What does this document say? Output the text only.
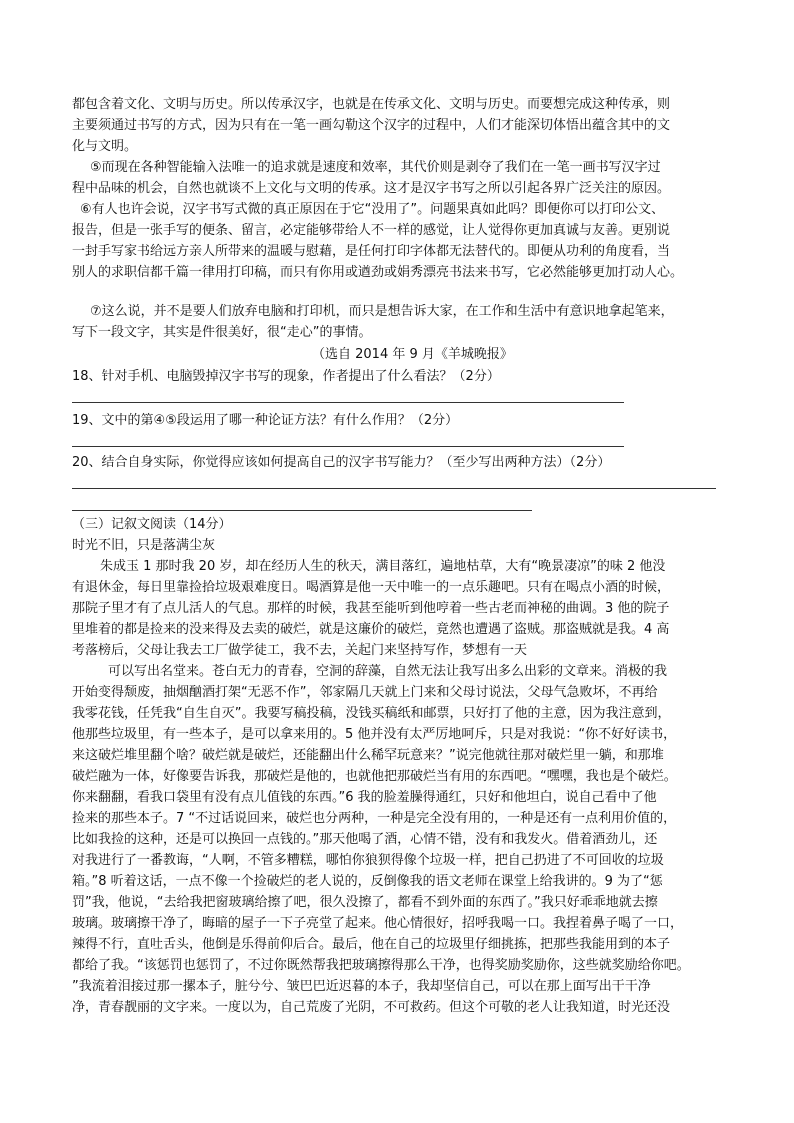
都包含着文化、文明与历史。所以传承汉字，也就是在传承文化、文明与历史。而要想完成这种传承，则
主要须通过书写的方式，因为只有在一笔一画勾勒这个汉字的过程中，人们才能深切体悟出蕴含其中的文
化与文明。
⑤而现在各种智能输入法唯一的追求就是速度和效率，其代价则是剥夺了我们在一笔一画书写汉字过
程中品味的机会，自然也就谈不上文化与文明的传承。这才是汉字书写之所以引起各界广泛关注的原因。
⑥有人也许会说，汉字书写式微的真正原因在于它“没用了”。问题果真如此吗？即便你可以打印公文、
报告，但是一张手写的便条、留言，必定能够带给人不一样的感觉，让人觉得你更加真诚与友善。更别说
一封手写家书给远方亲人所带来的温暖与慰藉，是任何打印字体都无法替代的。即便从功利的角度看，当
别人的求职信都千篇一律用打印稿，而只有你用或遒劲或娟秀漂亮书法来书写，它必然能够更加打动人心。
⑦这么说，并不是要人们放弃电脑和打印机，而只是想告诉大家，在工作和生活中有意识地拿起笔来，
写下一段文字，其实是件很美好，很“走心”的事情。
（选自 2014 年 9 月《羊城晚报》
18、针对手机、电脑毁掉汉字书写的现象，作者提出了什么看法？（2分）
19、文中的第④⑤段运用了哪一种论证方法？有什么作用？（2分）
20、结合自身实际，你觉得应该如何提高自己的汉字书写能力？（至少写出两种方法）（2分）
（三）记叙文阅读（14分）
时光不旧，只是落满尘灰
朱成玉 1 那时我 20 岁，却在经历人生的秋天，满目落红，遍地枯草，大有“晚景凄凉”的味 2 他没
有退休金，每日里靠捡拾垃圾艰难度日。喝酒算是他一天中唯一的一点乐趣吧。只有在喝点小酒的时候，
那院子里才有了点儿活人的气息。那样的时候，我甚至能听到他哼着一些古老而神秘的曲调。3 他的院子
里堆着的都是捡来的没来得及去卖的破烂，就是这廉价的破烂，竟然也遭遇了盗贼。那盗贼就是我。4 高
考落榜后，父母让我去工厂做学徒工，我不去，关起门来坚持写作，梦想有一天
可以写出名堂来。苍白无力的青春，空洞的辞藻，自然无法让我写出多么出彩的文章来。消极的我
开始变得颓废，抽烟酗酒打架“无恶不作”，邻家隔几天就上门来和父母讨说法，父母气急败坏，不再给
我零花钱，任凭我“自生自灭”。我要写稿投稿，没钱买稿纸和邮票，只好打了他的主意，因为我注意到，
他那些垃圾里，有一些本子，是可以拿来用的。5 他并没有太严厉地呵斥，只是对我说：“你不好好读书，
来这破烂堆里翻个啥？破烂就是破烂，还能翻出什么稀罕玩意来？”说完他就往那对破烂里一躺，和那堆
破烂融为一体，好像要告诉我，那破烂是他的，也就他把那破烂当有用的东西吧。“嘿嘿，我也是个破烂。
你来翻翻，看我口袋里有没有点儿值钱的东西。”6 我的脸羞臊得通红，只好和他坦白，说自己看中了他
捡来的那些本子。7 “不过话说回来，破烂也分两种，一种是完全没有用的，一种是还有一点利用价值的，
比如我捡的这种，还是可以换回一点钱的。”那天他喝了酒，心情不错，没有和我发火。借着酒劲儿，还
对我进行了一番教诲，“人啊，不管多糟糕，哪怕你狼狈得像个垃圾一样，把自己扔进了不可回收的垃圾
箱。”8 听着这话，一点不像一个捡破烂的老人说的，反倒像我的语文老师在课堂上给我讲的。9 为了“惩
罚”我，他说，“去给我把窗玻璃给擦了吧，很久没擦了，都看不到外面的东西了。”我只好乖乖地就去擦
玻璃。玻璃擦干净了，晦暗的屋子一下子亮堂了起来。他心情很好，招呼我喝一口。我捏着鼻子喝了一口，
辣得不行，直吐舌头，他倒是乐得前仰后合。最后，他在自己的垃圾里仔细挑拣，把那些我能用到的本子
都给了我。“该惩罚也惩罚了，不过你既然帮我把玻璃擦得那么干净，也得奖励奖励你，这些就奖励给你吧。
”我流着泪接过那一摞本子，脏兮兮、皱巴巴近迟暮的本子，我却坚信自己，可以在那上面写出干干净
净，青春靓丽的文字来。一度以为，自己荒废了光阴，不可救药。但这个可敬的老人让我知道，时光还没
